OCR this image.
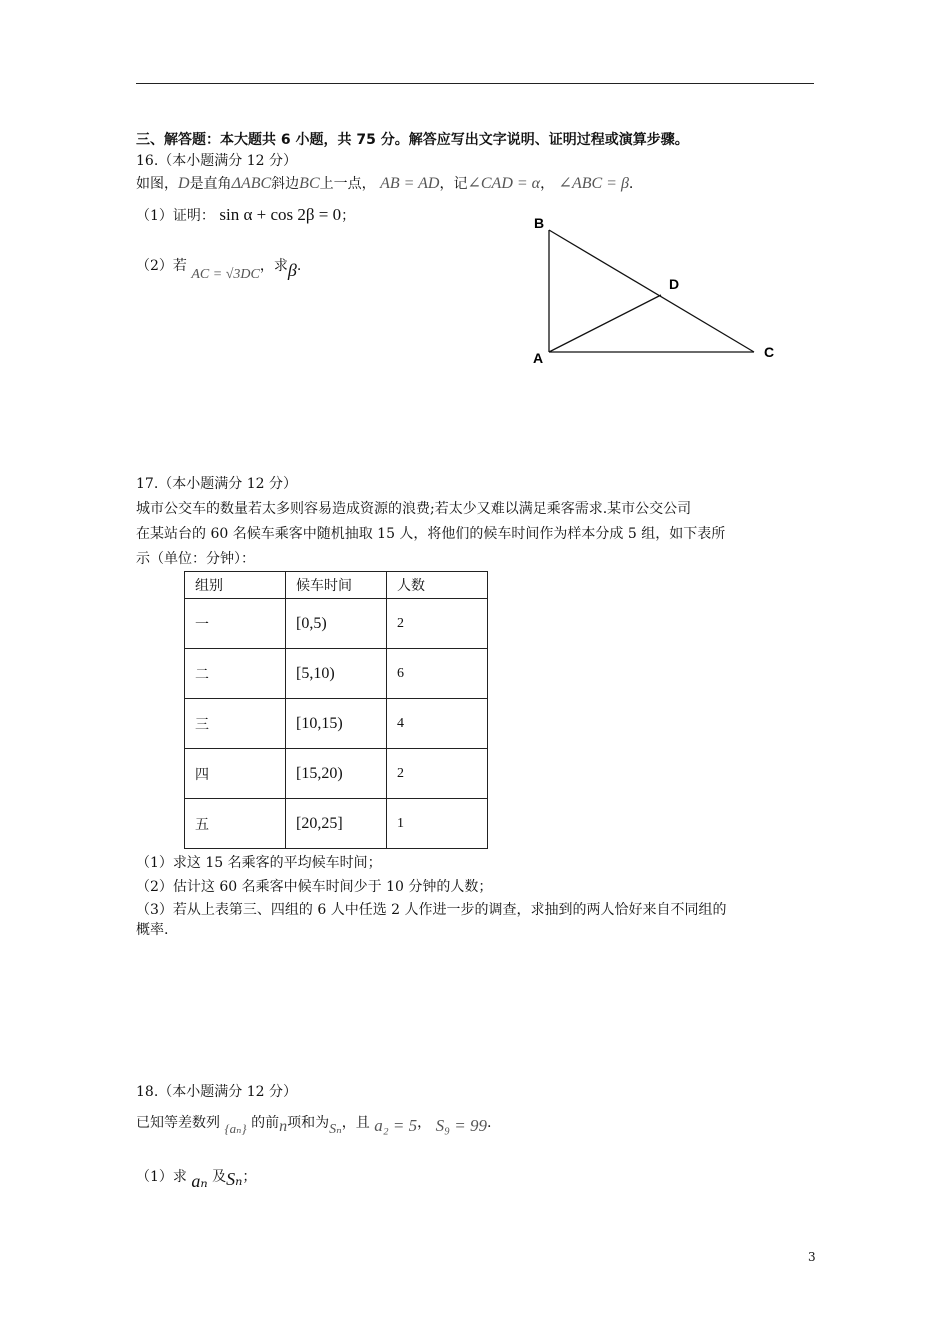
三、解答题：本大题共 6 小题，共 75 分。解答应写出文字说明、证明过程或演算步骤。
16.（本小题满分 12 分）
如图，D是直角ΔABC斜边BC上一点， AB = AD，记∠CAD = α， ∠ABC = β.
（1）证明： sin α + cos 2β = 0；
（2）若 AC = √3DC，求β.
B
D
A	C
17.（本小题满分 12 分）
城市公交车的数量若太多则容易造成资源的浪费;若太少又难以满足乘客需求.某市公交公司
在某站台的 60 名候车乘客中随机抽取 15 人，将他们的候车时间作为样本分成 5 组，如下表所
示（单位：分钟）：
组别	候车时间	人数
一	[0,5)	2
二	[5,10)	6
三	[10,15)	4
四	[15,20)	2
五	[20,25]	1
（1）求这 15 名乘客的平均候车时间；
（2）估计这 60 名乘客中候车时间少于 10 分钟的人数；
（3）若从上表第三、四组的 6 人中任选 2 人作进一步的调查，求抽到的两人恰好来自不同组的
概率.
18.（本小题满分 12 分）
已知等差数列 {aₙ} 的前n项和为Sₙ，且 a₂ = 5， S₉ = 99.
（1）求 aₙ 及Sₙ；
3
